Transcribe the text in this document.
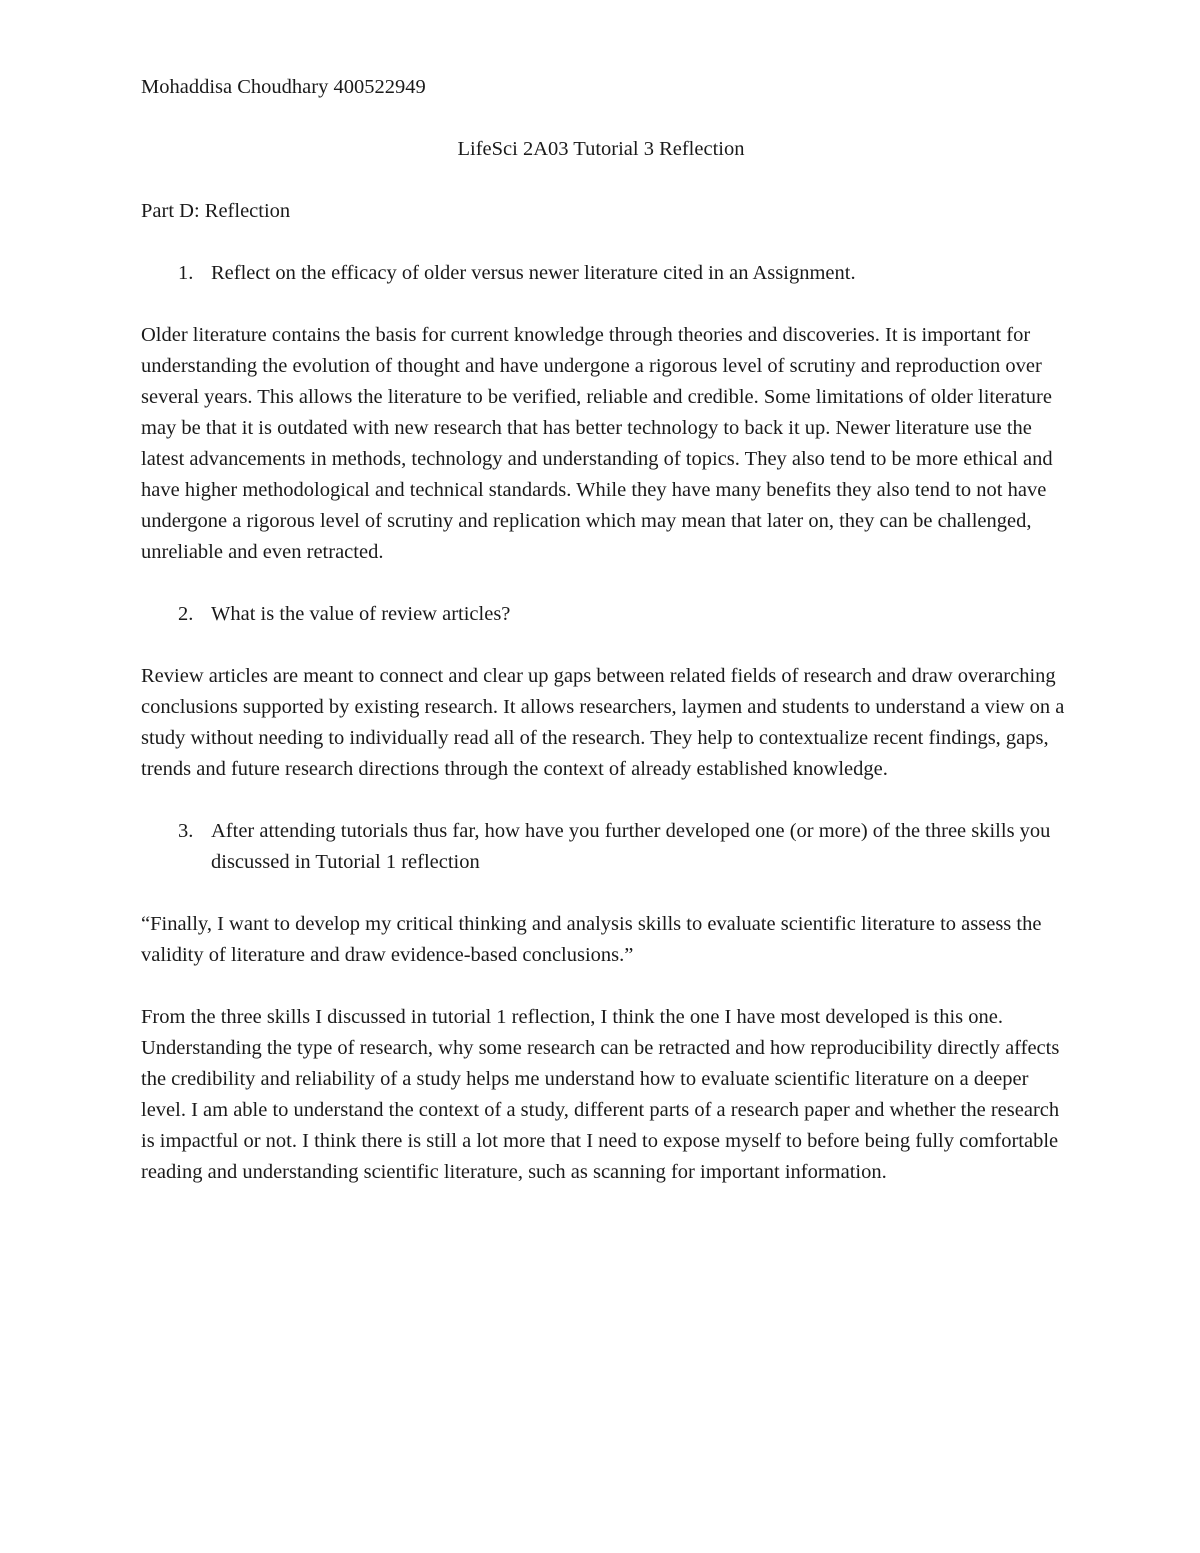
Mohaddisa Choudhary 400522949

LifeSci 2A03 Tutorial 3 Reflection

Part D: Reflection

1. Reflect on the efficacy of older versus newer literature cited in an Assignment.

Older literature contains the basis for current knowledge through theories and discoveries. It is important for understanding the evolution of thought and have undergone a rigorous level of scrutiny and reproduction over several years. This allows the literature to be verified, reliable and credible. Some limitations of older literature may be that it is outdated with new research that has better technology to back it up. Newer literature use the latest advancements in methods, technology and understanding of topics. They also tend to be more ethical and have higher methodological and technical standards. While they have many benefits they also tend to not have undergone a rigorous level of scrutiny and replication which may mean that later on, they can be challenged, unreliable and even retracted.

2. What is the value of review articles?

Review articles are meant to connect and clear up gaps between related fields of research and draw overarching conclusions supported by existing research. It allows researchers, laymen and students to understand a view on a study without needing to individually read all of the research. They help to contextualize recent findings, gaps, trends and future research directions through the context of already established knowledge.

3. After attending tutorials thus far, how have you further developed one (or more) of the three skills you discussed in Tutorial 1 reflection

“Finally, I want to develop my critical thinking and analysis skills to evaluate scientific literature to assess the validity of literature and draw evidence-based conclusions.”

From the three skills I discussed in tutorial 1 reflection, I think the one I have most developed is this one. Understanding the type of research, why some research can be retracted and how reproducibility directly affects the credibility and reliability of a study helps me understand how to evaluate scientific literature on a deeper level. I am able to understand the context of a study, different parts of a research paper and whether the research is impactful or not. I think there is still a lot more that I need to expose myself to before being fully comfortable reading and understanding scientific literature, such as scanning for important information.
